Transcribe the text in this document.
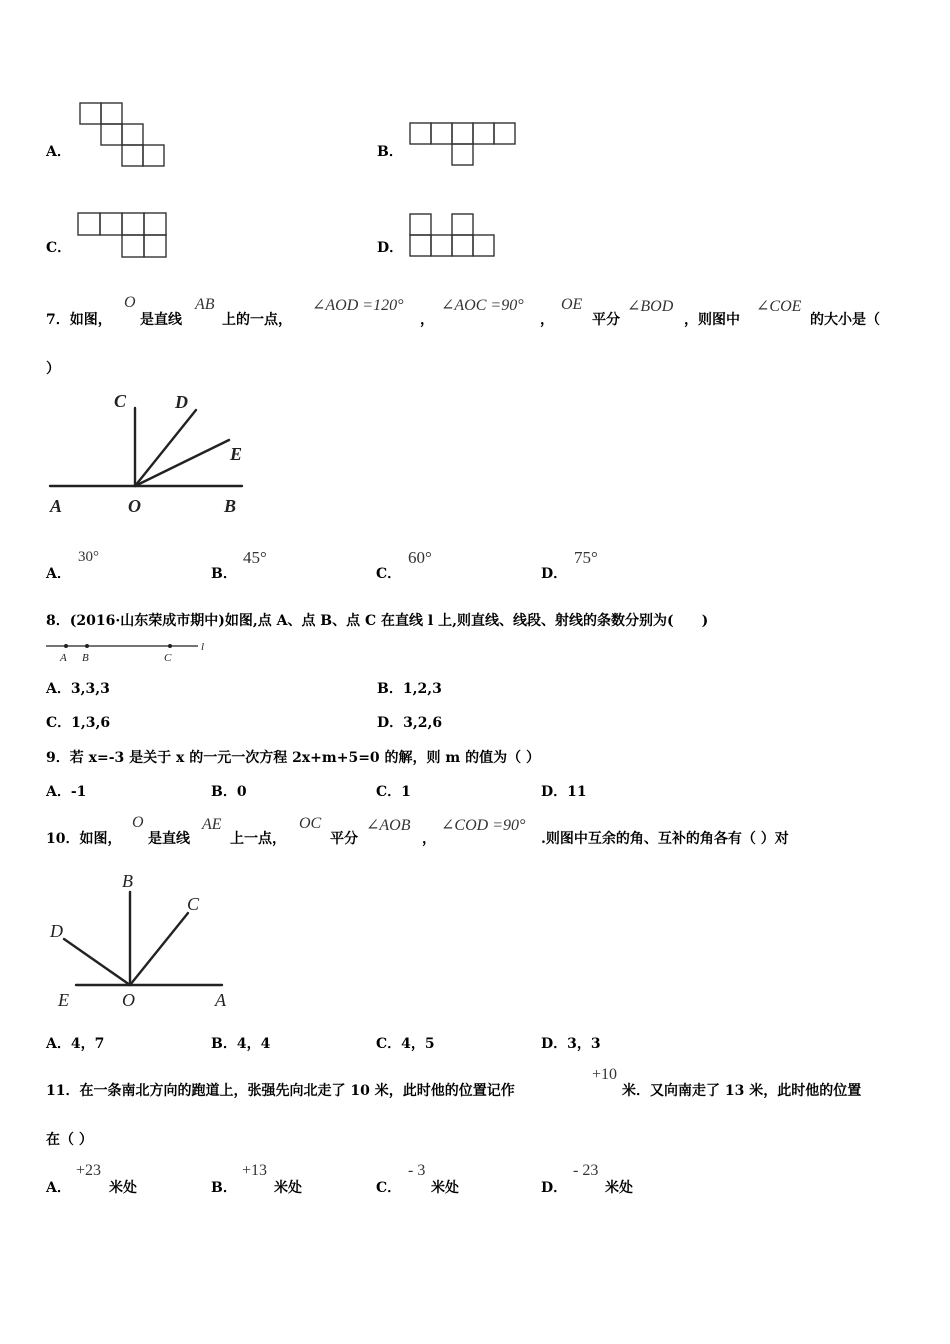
A．	B．
C．	D．
7．如图，
O
是直线
AB
上的一点，
∠AOD =120°
，
∠AOC =90°
，
OE
平分
∠BOD
，则图中
∠COE
的大小是（
）
C	D
E
A	O	B
A．
30°
B．
45°
C．
60°
D．
75°
8．(2016·山东荣成市期中)如图,点 A、点 B、点 C 在直线 l 上,则直线、线段、射线的条数分别为(　　)
A B	C
l
A．3,3,3	B．1,2,3
C．1,3,6	D．3,2,6
9．若 x=-3 是关于 x 的一元一次方程 2x+m+5=0 的解，则 m 的值为（ ）
A．-1	B．0	C．1	D．11
10．如图，
O
是直线
AE
上一点，
OC
平分
∠AOB
，
∠COD =90°
.则图中互余的角、互补的角各有（ ）对
B
C
D
E	O	A
A．4，7	B．4，4	C．4，5	D．3，3
11．在一条南北方向的跑道上，张强先向北走了 10 米，此时他的位置记作
+10
米．又向南走了 13 米，此时他的位置
在（ ）
A．
+23
米处	B．
+13
米处	C．
- 3
米处	D．
- 23
米处
